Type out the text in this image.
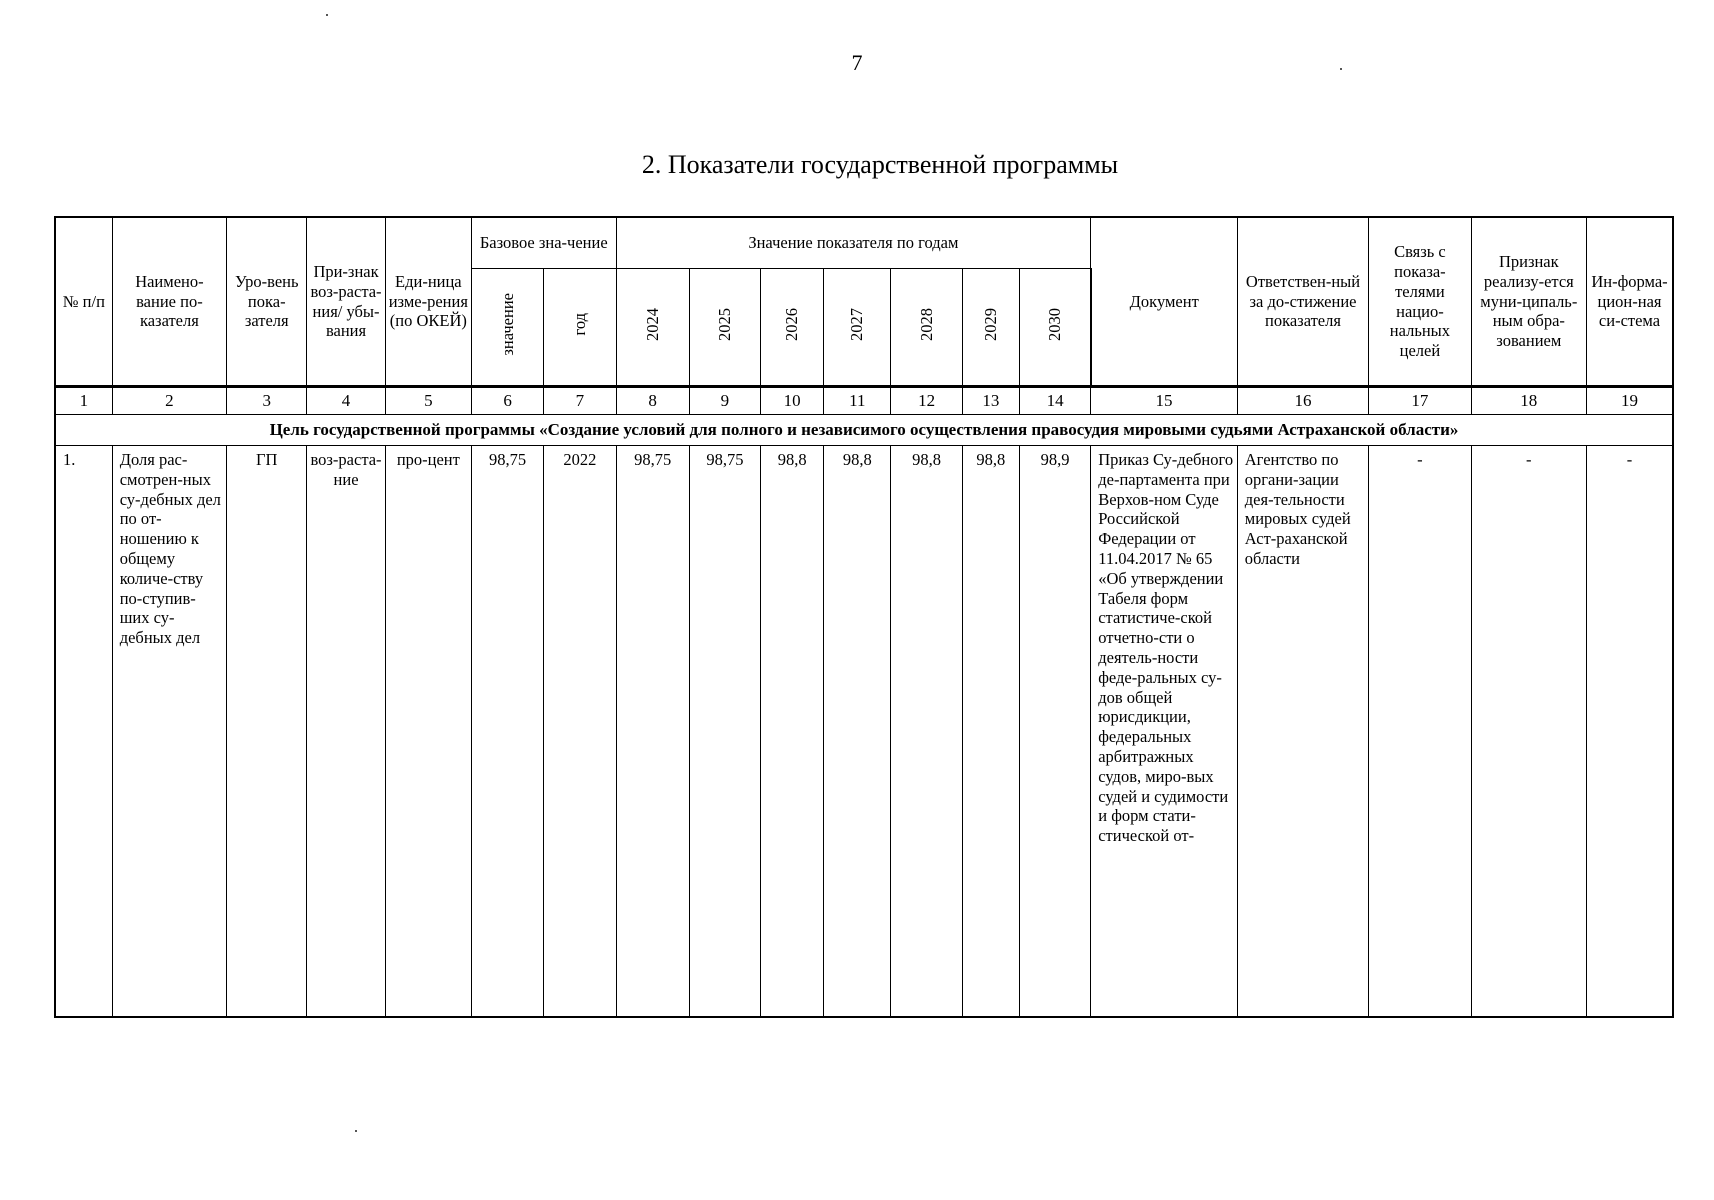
7
2. Показатели государственной программы
№ п/п	Наимено-вание по-казателя	Уро-вень пока-зателя	При-знак воз-раста-ния/ убы-вания	Еди-ница изме-рения (по ОКЕЙ)	Базовое зна-чение		Значение показателя по годам							Документ	Ответствен-ный за до-стижение показателя	Связь с показа-телями нацио-нальных целей	Признак реализу-ется муни-ципаль-ным обра-зованием	Ин-форма-цион-ная си-стема
					значение	год	2024	2025	2026	2027	2028	2029	2030					
1	2	3	4	5	6	7	8	9	10	11	12	13	14	15	16	17	18	19
Цель государственной программы «Создание условий для полного и независимого осуществления правосудия мировыми судьями Астраханской области»																		
1.	Доля рас-смотрен-ных су-дебных дел по от-ношению к общему количе-ству по-ступив-ших су-дебных дел	ГП	воз-раста-ние	про-цент	98,75	2022	98,75	98,75	98,8	98,8	98,8	98,8	98,9	Приказ Су-дебного де-партамента при Верхов-ном Суде Российской Федерации от 11.04.2017 № 65 «Об утверждении Табеля форм статистиче-ской отчетно-сти о деятель-ности феде-ральных су-дов общей юрисдикции, федеральных арбитражных судов, миро-вых судей и судимости и форм стати-стической от-	Агентство по органи-зации дея-тельности мировых судей Аст-раханской области	-	-	-
